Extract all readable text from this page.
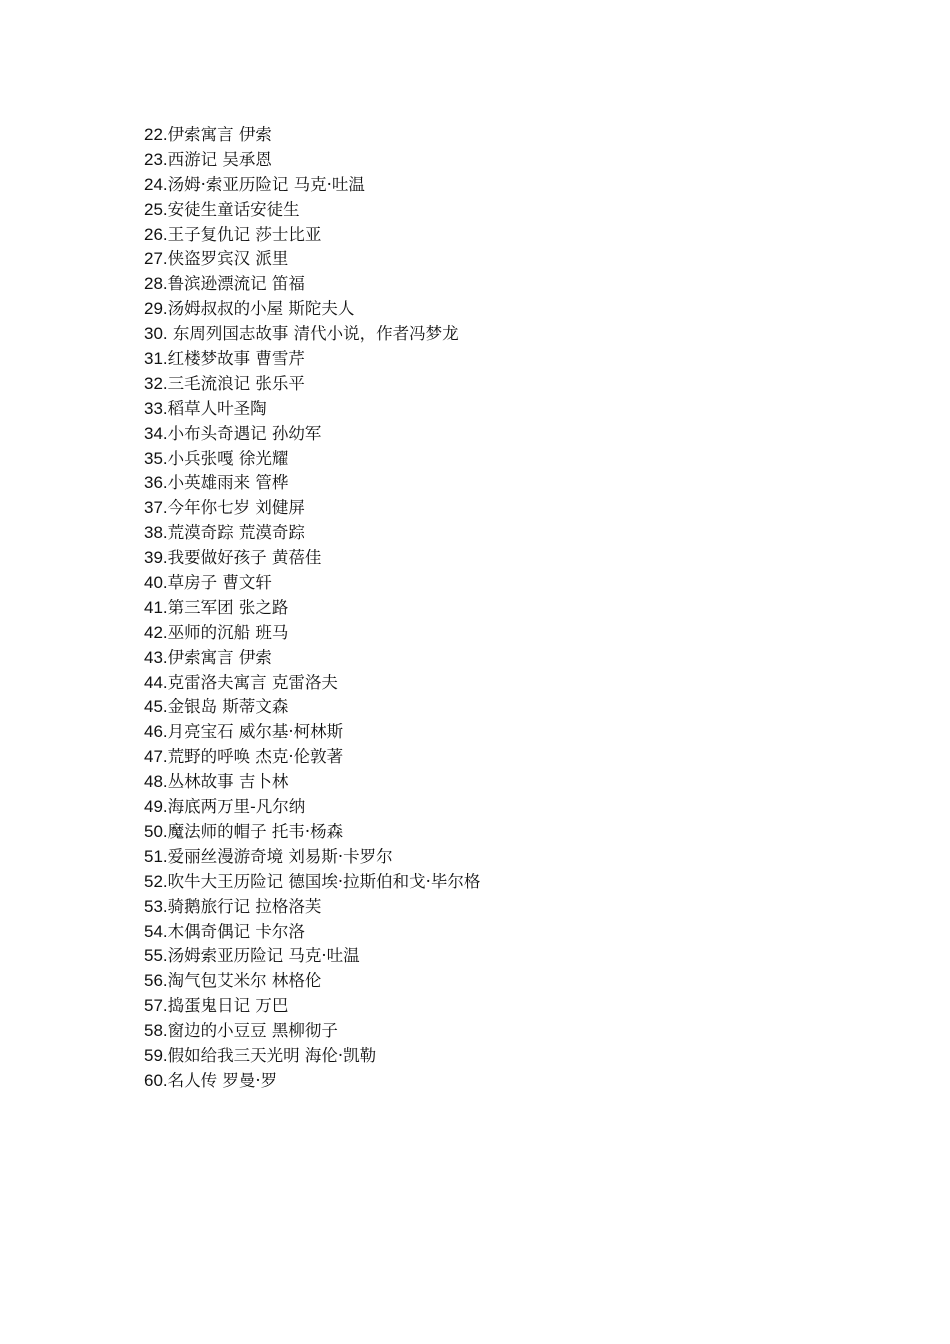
22.伊索寓言 伊索
23.西游记 吴承恩
24.汤姆·索亚历险记 马克·吐温
25.安徒生童话安徒生
26.王子复仇记 莎士比亚
27.侠盗罗宾汉 派里
28.鲁滨逊漂流记 笛福
29.汤姆叔叔的小屋 斯陀夫人
30. 东周列国志故事 清代小说，作者冯梦龙
31.红楼梦故事 曹雪芹
32.三毛流浪记 张乐平
33.稻草人叶圣陶
34.小布头奇遇记 孙幼军
35.小兵张嘎 徐光耀
36.小英雄雨来 管桦
37.今年你七岁 刘健屏
38.荒漠奇踪 荒漠奇踪
39.我要做好孩子 黄蓓佳
40.草房子 曹文轩
41.第三军团 张之路
42.巫师的沉船 班马
43.伊索寓言 伊索
44.克雷洛夫寓言 克雷洛夫
45.金银岛 斯蒂文森
46.月亮宝石 威尔基·柯林斯
47.荒野的呼唤 杰克·伦敦著
48.丛林故事 吉卜林
49.海底两万里-凡尔纳
50.魔法师的帽子 托韦·杨森
51.爱丽丝漫游奇境 刘易斯·卡罗尔
52.吹牛大王历险记 德国埃·拉斯伯和戈·毕尔格
53.骑鹅旅行记 拉格洛芙
54.木偶奇偶记 卡尔洛
55.汤姆索亚历险记 马克·吐温
56.淘气包艾米尔 林格伦
57.捣蛋鬼日记 万巴
58.窗边的小豆豆 黑柳彻子
59.假如给我三天光明 海伦·凯勒
60.名人传 罗曼·罗
